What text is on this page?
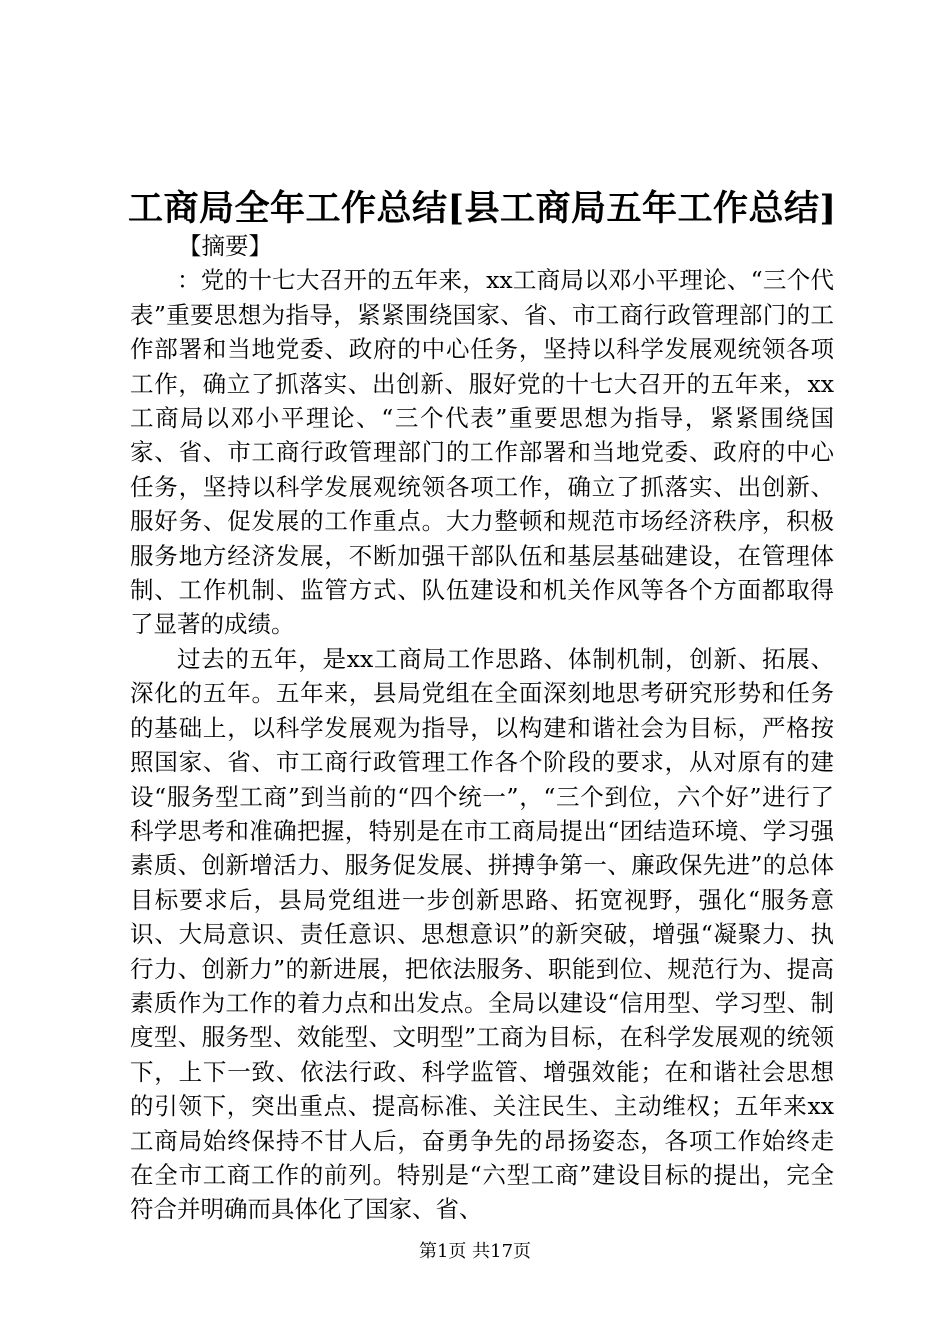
工商局全年工作总结[县工商局五年工作总结]
【摘要】

：党的十七大召开的五年来，xx工商局以邓小平理论、“三个代表”重要思想为指导，紧紧围绕国家、省、市工商行政管理部门的工作部署和当地党委、政府的中心任务，坚持以科学发展观统领各项工作，确立了抓落实、出创新、服好党的十七大召开的五年来，xx工商局以邓小平理论、“三个代表”重要思想为指导，紧紧围绕国家、省、市工商行政管理部门的工作部署和当地党委、政府的中心任务，坚持以科学发展观统领各项工作，确立了抓落实、出创新、服好务、促发展的工作重点。大力整顿和规范市场经济秩序，积极服务地方经济发展，不断加强干部队伍和基层基础建设，在管理体制、工作机制、监管方式、队伍建设和机关作风等各个方面都取得了显著的成绩。

过去的五年，是xx工商局工作思路、体制机制，创新、拓展、深化的五年。五年来，县局党组在全面深刻地思考研究形势和任务的基础上，以科学发展观为指导，以构建和谐社会为目标，严格按照国家、省、市工商行政管理工作各个阶段的要求，从对原有的建设“服务型工商”到当前的“四个统一”，“三个到位，六个好”进行了科学思考和准确把握，特别是在市工商局提出“团结造环境、学习强素质、创新增活力、服务促发展、拼搏争第一、廉政保先进”的总体目标要求后，县局党组进一步创新思路、拓宽视野，强化“服务意识、大局意识、责任意识、思想意识”的新突破，增强“凝聚力、执行力、创新力”的新进展，把依法服务、职能到位、规范行为、提高素质作为工作的着力点和出发点。全局以建设“信用型、学习型、制度型、服务型、效能型、文明型”工商为目标，在科学发展观的统领下，上下一致、依法行政、科学监管、增强效能；在和谐社会思想的引领下，突出重点、提高标准、关注民生、主动维权；五年来xx工商局始终保持不甘人后，奋勇争先的昂扬姿态，各项工作始终走在全市工商工作的前列。特别是“六型工商”建设目标的提出，完全符合并明确而具体化了国家、省、

第1页 共17页
